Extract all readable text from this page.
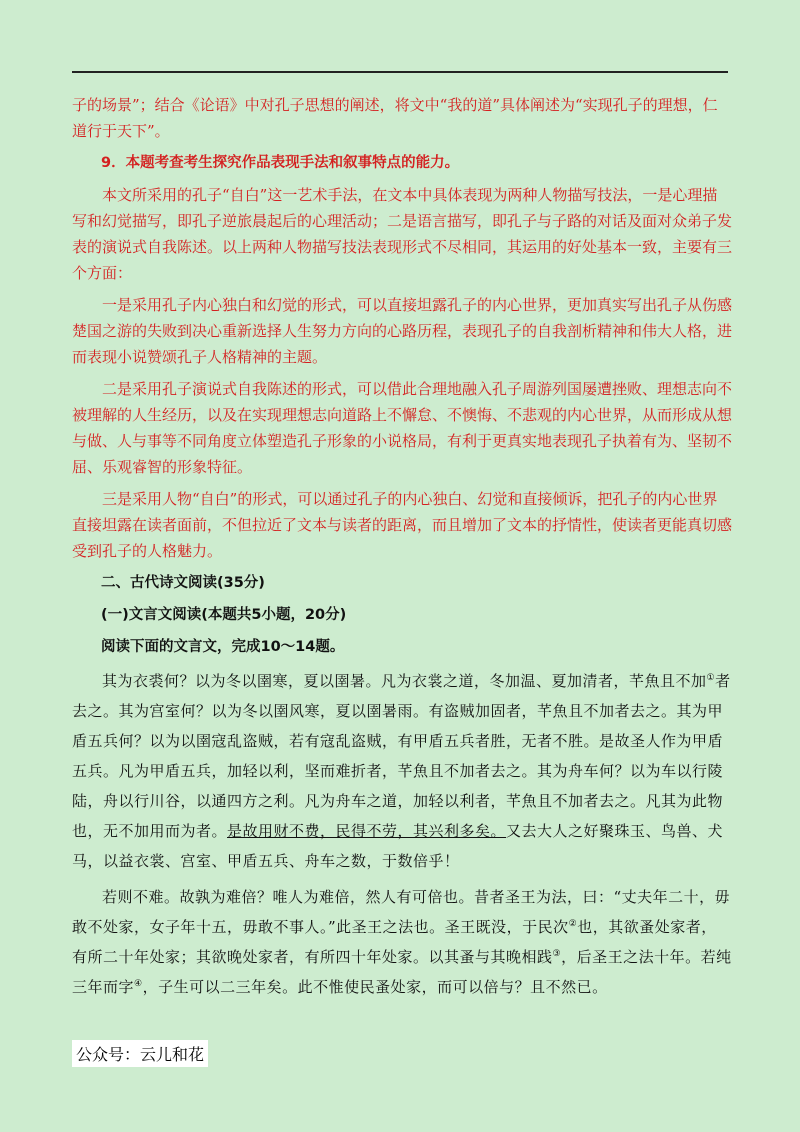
子的场景”；结合《论语》中对孔子思想的阐述，将文中“我的道”具体阐述为“实现孔子的理想，仁道行于天下”。

9．本题考查考生探究作品表现手法和叙事特点的能力。

本文所采用的孔子“自白”这一艺术手法，在文本中具体表现为两种人物描写技法，一是心理描写和幻觉描写，即孔子逆旅晨起后的心理活动；二是语言描写，即孔子与子路的对话及面对众弟子发表的演说式自我陈述。以上两种人物描写技法表现形式不尽相同，其运用的好处基本一致，主要有三个方面：

一是采用孔子内心独白和幻觉的形式，可以直接坦露孔子的内心世界，更加真实写出孔子从伤感楚国之游的失败到决心重新选择人生努力方向的心路历程，表现孔子的自我剖析精神和伟大人格，进而表现小说赞颂孔子人格精神的主题。

二是采用孔子演说式自我陈述的形式，可以借此合理地融入孔子周游列国屡遭挫败、理想志向不被理解的人生经历，以及在实现理想志向道路上不懈怠、不懊悔、不悲观的内心世界，从而形成从想与做、人与事等不同角度立体塑造孔子形象的小说格局，有利于更真实地表现孔子执着有为、坚韧不屈、乐观睿智的形象特征。

三是采用人物“自白”的形式，可以通过孔子的内心独白、幻觉和直接倾诉，把孔子的内心世界直接坦露在读者面前，不但拉近了文本与读者的距离，而且增加了文本的抒情性，使读者更能真切感受到孔子的人格魅力。

二、古代诗文阅读(35分)

(一)文言文阅读(本题共5小题，20分)

阅读下面的文言文，完成10～14题。

其为衣裘何？以为冬以圉寒，夏以圉暑。凡为衣裳之道，冬加温、夏加清者，芊魚且不加①者去之。其为宫室何？以为冬以圉风寒，夏以圉暑雨。有盗贼加固者，芊魚且不加者去之。其为甲盾五兵何？以为以圉寇乱盗贼，若有寇乱盗贼，有甲盾五兵者胜，无者不胜。是故圣人作为甲盾五兵。凡为甲盾五兵，加轻以利，坚而难折者，芊魚且不加者去之。其为舟车何？以为车以行陵陆，舟以行川谷，以通四方之利。凡为舟车之道，加轻以利者，芊魚且不加者去之。凡其为此物也，无不加用而为者。是故用财不费，民得不劳，其兴利多矣。又去大人之好聚珠玉、鸟兽、犬马，以益衣裳、宫室、甲盾五兵、舟车之数，于数倍乎！

若则不难。故孰为难倍？唯人为难倍，然人有可倍也。昔者圣王为法，曰：“丈夫年二十，毋敢不处家，女子年十五，毋敢不事人。”此圣王之法也。圣王既没，于民次②也，其欲蚤处家者，有所二十年处家；其欲晚处家者，有所四十年处家。以其蚤与其晚相践③，后圣王之法十年。若纯三年而字④，子生可以二三年矣。此不惟使民蚤处家，而可以倍与？且不然已。

公众号：云儿和花
